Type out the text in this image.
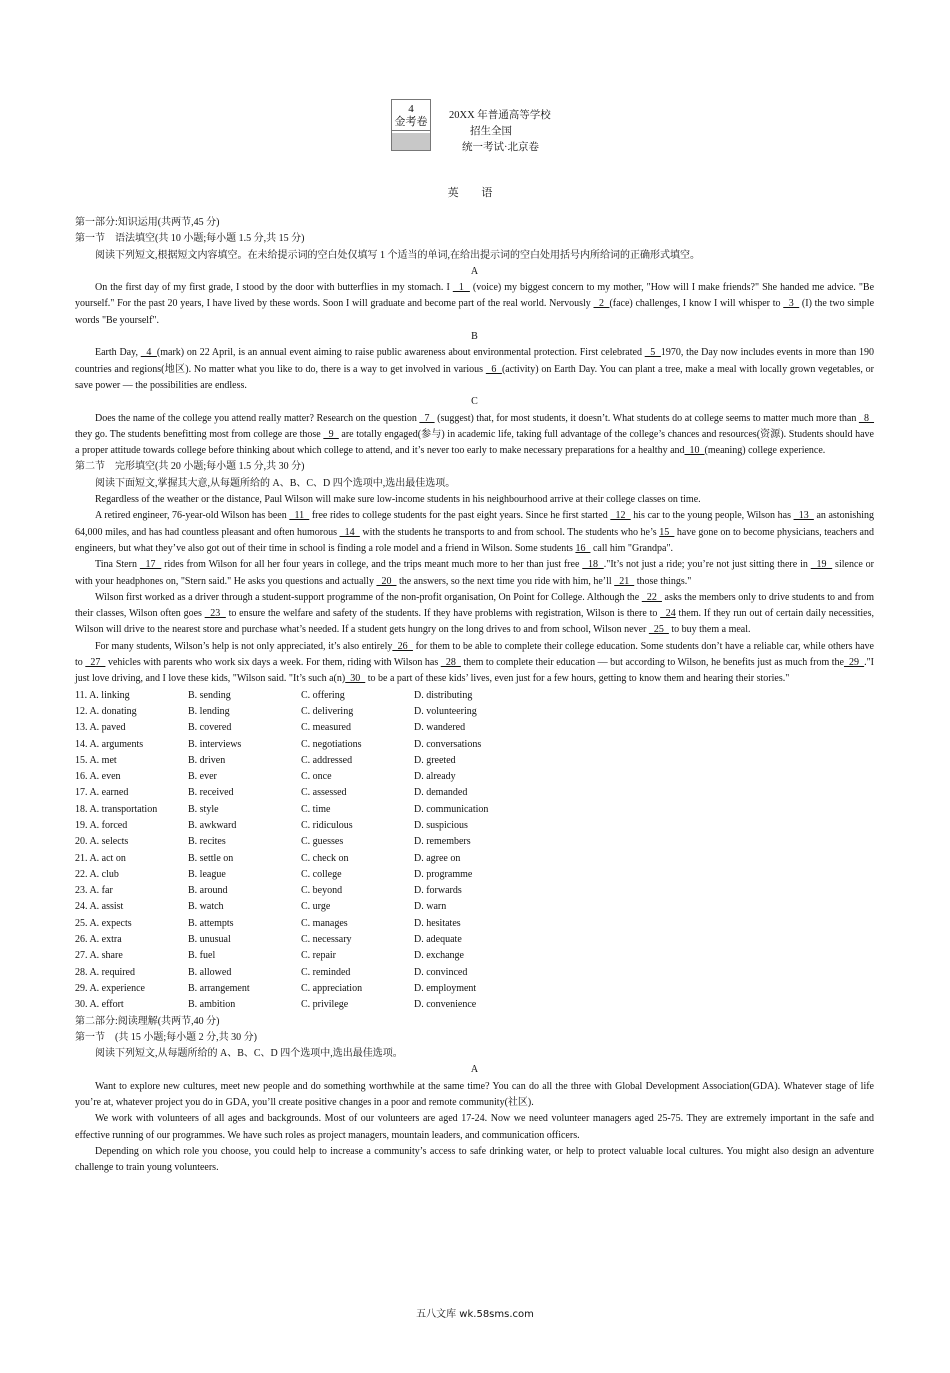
4
金考卷
20XX 年普通高等学校
招生全国
统一考试·北京卷
英 语

第一部分:知识运用(共两节,45 分)

第一节　语法填空(共 10 小题;每小题 1.5 分,共 15 分)

阅读下列短文,根据短文内容填空。在未给提示词的空白处仅填写 1 个适当的单词,在给出提示词的空白处用括号内所给词的正确形式填空。

A

On the first day of my first grade, I stood by the door with butterflies in my stomach. I   1   (voice) my biggest concern to my mother, "How will I make friends?" She handed me advice. "Be yourself." For the past 20 years, I have lived by these words. Soon I will graduate and become part of the real world. Nervously   2  (face) challenges, I know I will whisper to   3   (I) the two simple words "Be yourself".

B

Earth Day,   4  (mark) on 22 April, is an annual event aiming to raise public awareness about environmental protection. First celebrated   5  1970, the Day now includes events in more than 190 countries and regions(地区). No matter what you like to do, there is a way to get involved in various   6  (activity) on Earth Day. You can plant a tree, make a meal with locally grown vegetables, or save power — the possibilities are endless.

C

Does the name of the college you attend really matter? Research on the question   7   (suggest) that, for most students, it doesn’t. What students do at college seems to matter much more than   8   they go. The students benefitting most from college are those   9   are totally engaged(参与) in academic life, taking full advantage of the college’s chances and resources(资源). Students should have a proper attitude towards college before thinking about which college to attend, and it’s never too early to make necessary preparations for a healthy and  10  (meaning) college experience.

第二节　完形填空(共 20 小题;每小题 1.5 分,共 30 分)

阅读下面短文,掌握其大意,从每题所给的 A、B、C、D 四个选项中,选出最佳选项。

Regardless of the weather or the distance, Paul Wilson will make sure low-income students in his neighbourhood arrive at their college classes on time.

A retired engineer, 76-year-old Wilson has been   11   free rides to college students for the past eight years. Since he first started   12   his car to the young people, Wilson has   13   an astonishing 64,000 miles, and has had countless pleasant and often humorous   14   with the students he transports to and from school. The students who he’s 15   have gone on to become physicians, teachers and engineers, but what they’ve also got out of their time in school is finding a role model and a friend in Wilson. Some students 16   call him "Grandpa".

Tina Stern   17   rides from Wilson for all her four years in college, and the trips meant much more to her than just free   18  ."It’s not just a ride; you’re not just sitting there in   19   silence or with your headphones on, "Stern said." He asks you questions and actually   20   the answers, so the next time you ride with him, he’ll   21   those things."

Wilson first worked as a driver through a student-support programme of the non-profit organisation, On Point for College. Although the   22   asks the members only to drive students to and from their classes, Wilson often goes   23   to ensure the welfare and safety of the students. If they have problems with registration, Wilson is there to   24 them. If they run out of certain daily necessities, Wilson will drive to the nearest store and purchase what’s needed. If a student gets hungry on the long drives to and from school, Wilson never   25   to buy them a meal.

For many students, Wilson’s help is not only appreciated, it’s also entirely  26   for them to be able to complete their college education. Some students don’t have a reliable car, while others have to   27   vehicles with parents who work six days a week. For them, riding with Wilson has   28   them to complete their education — but according to Wilson, he benefits just as much from the  29  ."I just love driving, and I love these kids, "Wilson said. "It’s such a(n)  30   to be a part of these kids’ lives, even just for a few hours, getting to know them and hearing their stories."

11. A. linking	B. sending	C. offering	D. distributing
12. A. donating	B. lending	C. delivering	D. volunteering
13. A. paved	B. covered	C. measured	D. wandered
14. A. arguments	B. interviews	C. negotiations	D. conversations
15. A. met	B. driven	C. addressed	D. greeted
16. A. even	B. ever	C. once	D. already
17. A. earned	B. received	C. assessed	D. demanded
18. A. transportation	B. style	C. time	D. communication
19. A. forced	B. awkward	C. ridiculous	D. suspicious
20. A. selects	B. recites	C. guesses	D. remembers
21. A. act on	B. settle on	C. check on	D. agree on
22. A. club	B. league	C. college	D. programme
23. A. far	B. around	C. beyond	D. forwards
24. A. assist	B. watch	C. urge	D. warn
25. A. expects	B. attempts	C. manages	D. hesitates
26. A. extra	B. unusual	C. necessary	D. adequate
27. A. share	B. fuel	C. repair	D. exchange
28. A. required	B. allowed	C. reminded	D. convinced
29. A. experience	B. arrangement	C. appreciation	D. employment
30. A. effort	B. ambition	C. privilege	D. convenience

第二部分:阅读理解(共两节,40 分)

第一节　(共 15 小题;每小题 2 分,共 30 分)

阅读下列短文,从每题所给的 A、B、C、D 四个选项中,选出最佳选项。

A

Want to explore new cultures, meet new people and do something worthwhile at the same time? You can do all the three with Global Development Association(GDA). Whatever stage of life you’re at, whatever project you do in GDA, you’ll create positive changes in a poor and remote community(社区).

We work with volunteers of all ages and backgrounds. Most of our volunteers are aged 17-24. Now we need volunteer managers aged 25-75. They are extremely important in the safe and effective running of our programmes. We have such roles as project managers, mountain leaders, and communication officers.

Depending on which role you choose, you could help to increase a community’s access to safe drinking water, or help to protect valuable local cultures. You might also design an adventure challenge to train young volunteers.

五八文库 wk.58sms.com
